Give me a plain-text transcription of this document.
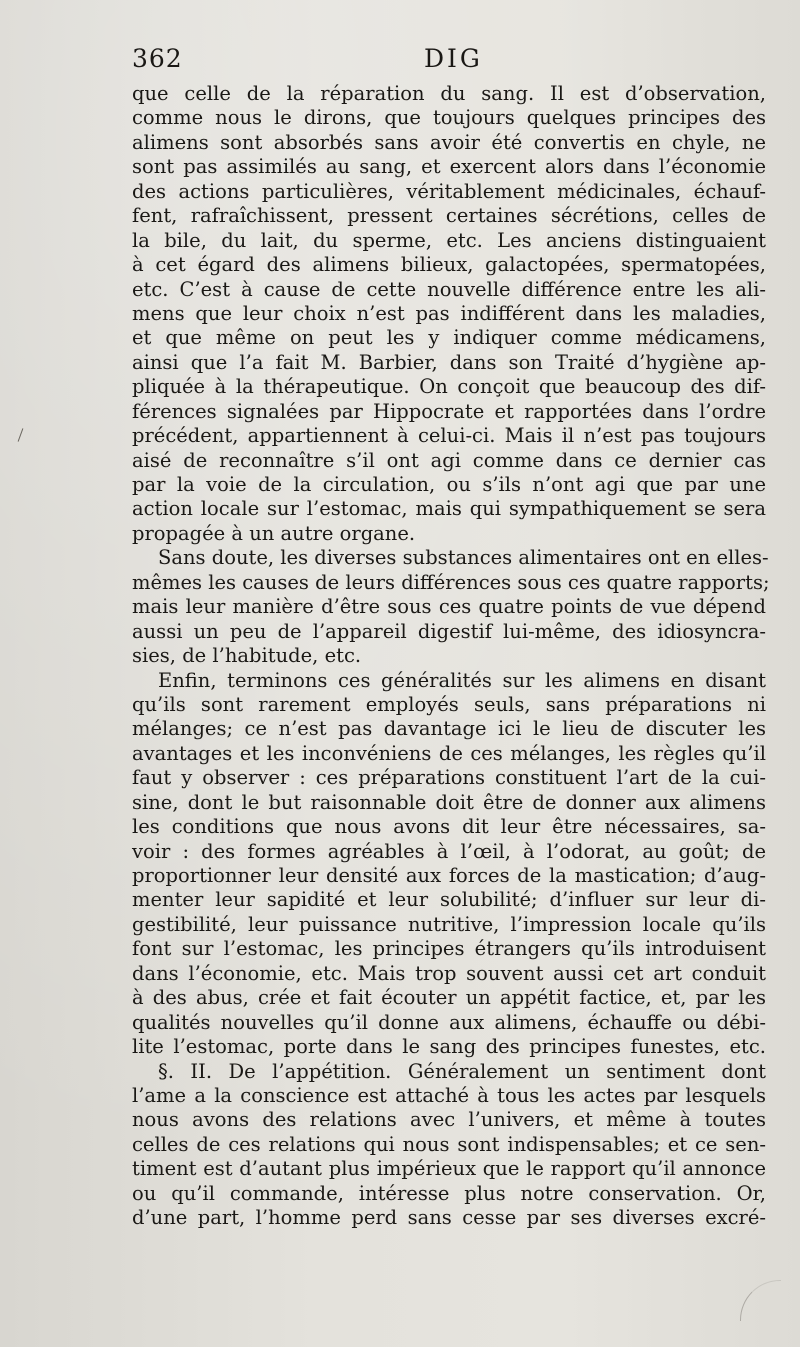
362	DIG
que celle de la réparation du sang. Il est d’observation,
comme nous le dirons, que toujours quelques principes des
alimens sont absorbés sans avoir été convertis en chyle, ne
sont pas assimilés au sang, et exercent alors dans l’économie
des actions particulières, véritablement médicinales, échauf-
fent, rafraîchissent, pressent certaines sécrétions, celles de
la bile, du lait, du sperme, etc. Les anciens distinguaient
à cet égard des alimens bilieux, galactopées, spermatopées,
etc. C’est à cause de cette nouvelle différence entre les ali-
mens que leur choix n’est pas indifférent dans les maladies,
et que même on peut les y indiquer comme médicamens,
ainsi que l’a fait M. Barbier, dans son Traité d’hygiène ap-
pliquée à la thérapeutique. On conçoit que beaucoup des dif-
férences signalées par Hippocrate et rapportées dans l’ordre
précédent, appartiennent à celui-ci. Mais il n’est pas toujours
aisé de reconnaître s’il ont agi comme dans ce dernier cas
par la voie de la circulation, ou s’ils n’ont agi que par une
action locale sur l’estomac, mais qui sympathiquement se sera
propagée à un autre organe.
Sans doute, les diverses substances alimentaires ont en elles-
mêmes les causes de leurs différences sous ces quatre rapports;
mais leur manière d’être sous ces quatre points de vue dépend
aussi un peu de l’appareil digestif lui-même, des idiosyncra-
sies, de l’habitude, etc.
Enfin, terminons ces généralités sur les alimens en disant
qu’ils sont rarement employés seuls, sans préparations ni
mélanges; ce n’est pas davantage ici le lieu de discuter les
avantages et les inconvéniens de ces mélanges, les règles qu’il
faut y observer : ces préparations constituent l’art de la cui-
sine, dont le but raisonnable doit être de donner aux alimens
les conditions que nous avons dit leur être nécessaires, sa-
voir : des formes agréables à l’œil, à l’odorat, au goût; de
proportionner leur densité aux forces de la mastication; d’aug-
menter leur sapidité et leur solubilité; d’influer sur leur di-
gestibilité, leur puissance nutritive, l’impression locale qu’ils
font sur l’estomac, les principes étrangers qu’ils introduisent
dans l’économie, etc. Mais trop souvent aussi cet art conduit
à des abus, crée et fait écouter un appétit factice, et, par les
qualités nouvelles qu’il donne aux alimens, échauffe ou débi-
lite l’estomac, porte dans le sang des principes funestes, etc.
§. II. De l’appétition. Généralement un sentiment dont
l’ame a la conscience est attaché à tous les actes par lesquels
nous avons des relations avec l’univers, et même à toutes
celles de ces relations qui nous sont indispensables; et ce sen-
timent est d’autant plus impérieux que le rapport qu’il annonce
ou qu’il commande, intéresse plus notre conservation. Or,
d’une part, l’homme perd sans cesse par ses diverses excré-
